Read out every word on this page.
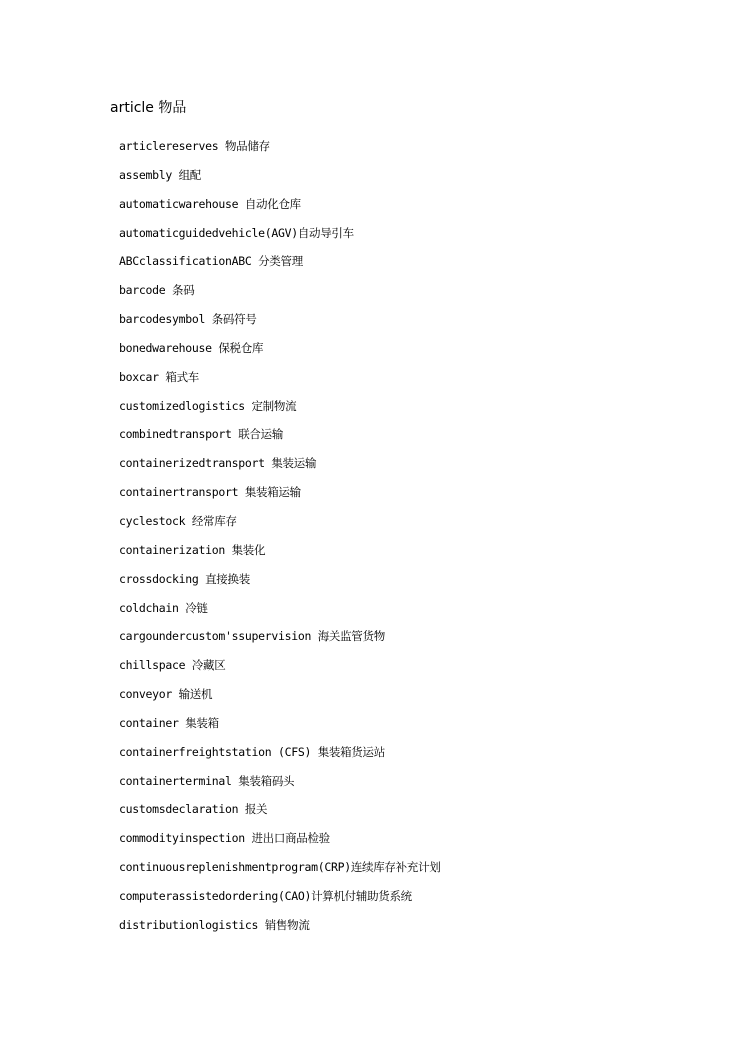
article 物品
articlereserves 物品储存
assembly 组配
automaticwarehouse 自动化仓库
automaticguidedvehicle(AGV)自动导引车
ABCclassificationABC 分类管理
barcode 条码
barcodesymbol 条码符号
bonedwarehouse 保税仓库
boxcar 箱式车
customizedlogistics 定制物流
combinedtransport 联合运输
containerizedtransport 集装运输
containertransport 集装箱运输
cyclestock 经常库存
containerization 集装化
crossdocking 直接换装
coldchain 冷链
cargoundercustom'ssupervision 海关监管货物
chillspace 冷藏区
conveyor 输送机
container 集装箱
containerfreightstation (CFS) 集装箱货运站
containerterminal 集装箱码头
customsdeclaration 报关
commodityinspection 进出口商品检验
continuousreplenishmentprogram(CRP)连续库存补充计划
computerassistedordering(CAO)计算机付辅助货系统
distributionlogistics 销售物流
